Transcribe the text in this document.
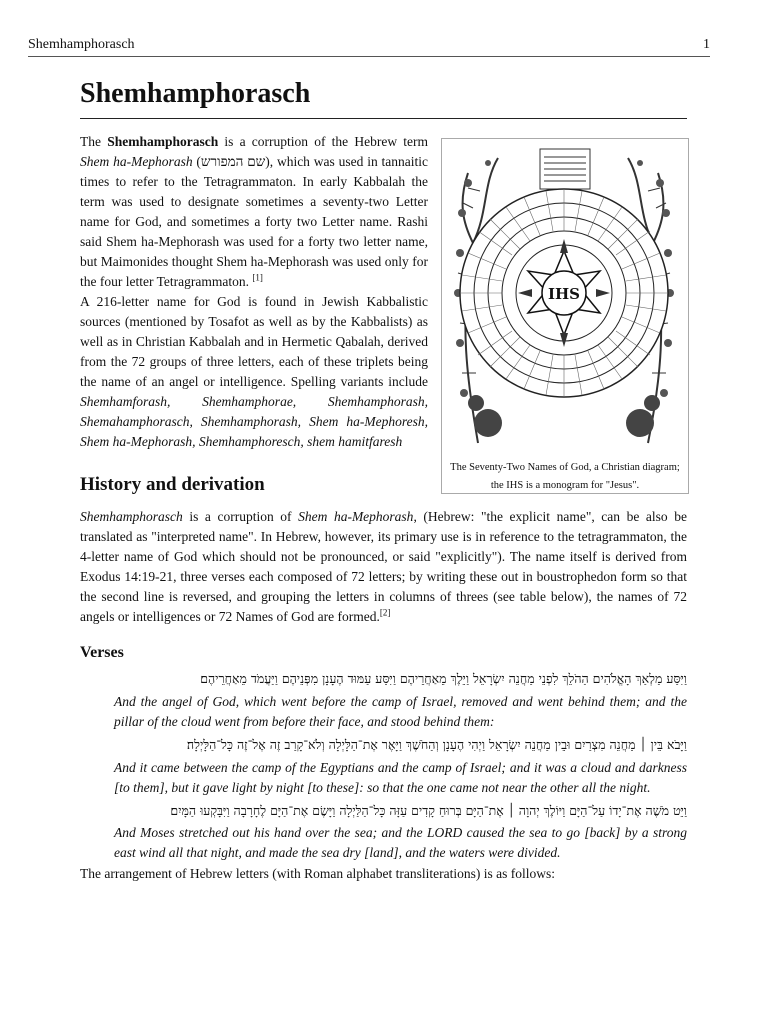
Shemhamphorasch	1
Shemhamphorasch

The Shemhamphorasch is a corruption of the Hebrew term Shem ha-Mephorash (שם המפורש), which was used in tannaitic times to refer to the Tetragrammaton. In early Kabbalah the term was used to designate sometimes a seventy-two Letter name for God, and sometimes a forty two Letter name. Rashi said Shem ha-Mephorash was used for a forty two letter name, but Maimonides thought Shem ha-Mephorash was used only for the four letter Tetragrammaton. [1]

A 216-letter name for God is found in Jewish Kabbalistic sources (mentioned by Tosafot as well as by the Kabbalists) as well as in Christian Kabbalah and in Hermetic Qabalah, derived from the 72 groups of three letters, each of these triplets being the name of an angel or intelligence. Spelling variants include Shemhamforash, Shemhamphorae, Shemhamphorash, Shemahamphorasch, Shemhamphorash, Shem ha-Mephoresh, Shem ha-Mephorash, Shemhamphoresch, shem hamitfaresh

IHS
The Seventy-Two Names of God, a Christian diagram; the IHS is a monogram for "Jesus".
History and derivation

Shemhamphorasch is a corruption of Shem ha-Mephorash, (Hebrew: "the explicit name", can be also be translated as "interpreted name". In Hebrew, however, its primary use is in reference to the tetragrammaton, the 4-letter name of God which should not be pronounced, or said "explicitly"). The name itself is derived from Exodus 14:19-21, three verses each composed of 72 letters; by writing these out in boustrophedon form so that the second line is reversed, and grouping the letters in columns of threes (see table below), the names of 72 angels or intelligences or 72 Names of God are formed.[2]

Verses

וַיִּסַּע מַלְאַךְ הָאֱלֹהִים הַהֹלֵךְ לִפְנֵי מַחֲנֵה יִשְׂרָאֵל וַיֵּלֶךְ מֵאַחֲרֵיהֶם וַיִּסַּע עַמּוּד הֶעָנָן מִפְּנֵיהֶם וַיַּעֲמֹד מֵאַחֲרֵיהֶם׃

And the angel of God, which went before the camp of Israel, removed and went behind them; and the pillar of the cloud went from before their face, and stood behind them:

וַיָּבֹא בֵּין ׀ מַחֲנֵה מִצְרַיִם וּבֵין מַחֲנֵה יִשְׂרָאֵל וַיְהִי הֶעָנָן וְהַחֹשֶׁךְ וַיָּאֶר אֶת־הַלָּיְלָה וְלֹא־קָרַב זֶה אֶל־זֶה כָּל־הַלָּיְלָה׃

And it came between the camp of the Egyptians and the camp of Israel; and it was a cloud and darkness [to them], but it gave light by night [to these]: so that the one came not near the other all the night.

וַיֵּט מֹשֶׁה אֶת־יָדוֹ עַל־הַיָּם וַיּוֹלֶךְ יְהוָה ׀ אֶת־הַיָּם בְּרוּחַ קָדִים עַזָּה כָּל־הַלַּיְלָה וַיָּשֶׂם אֶת־הַיָּם לֶחָרָבָה וַיִּבָּקְעוּ הַמָּיִם׃

And Moses stretched out his hand over the sea; and the LORD caused the sea to go [back] by a strong east wind all that night, and made the sea dry [land], and the waters were divided.

The arrangement of Hebrew letters (with Roman alphabet transliterations) is as follows:
